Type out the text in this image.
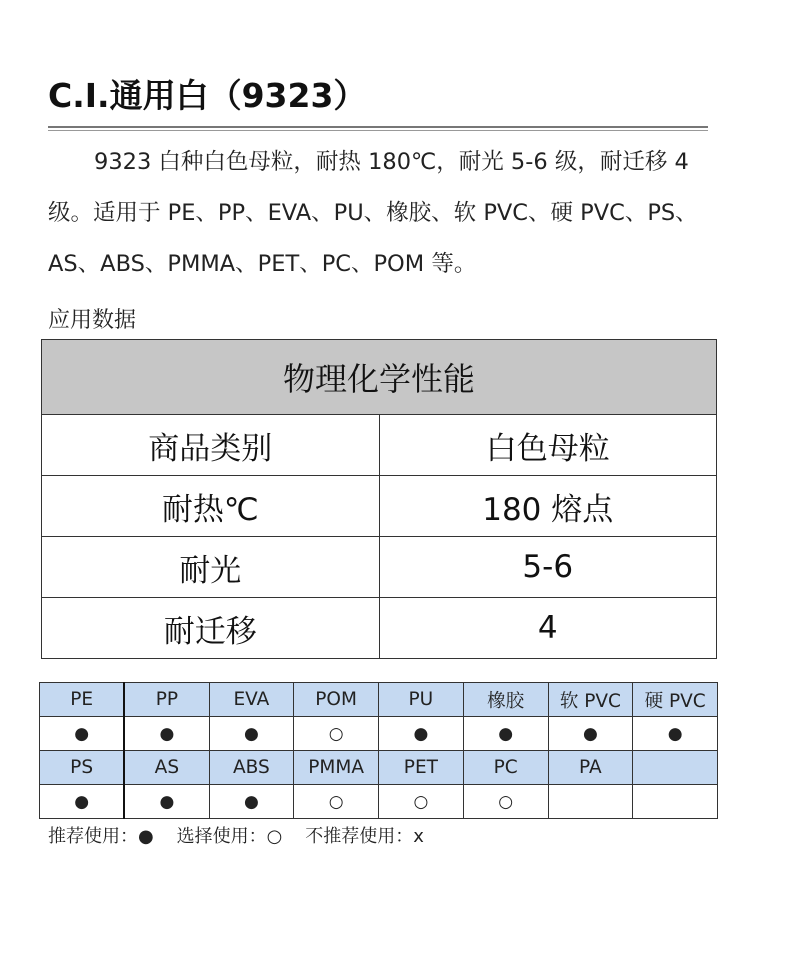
C.I.通用白（9323）

9323 白种白色母粒，耐热 180℃，耐光 5-6 级，耐迁移 4 级。适用于 PE、PP、EVA、PU、橡胶、软 PVC、硬 PVC、PS、AS、ABS、PMMA、PET、PC、POM 等。

应用数据
物理化学性能	
商品类别	白色母粒
耐热℃	180 熔点
耐光	5-6
耐迁移	4
PE	PP	EVA	POM	PU	橡胶	软 PVC	硬 PVC
●	●	●	○	●	●	●	●
PS	AS	ABS	PMMA	PET	PC	PA	
●	●	●	○	○	○		
推荐使用：● 选择使用：○ 不推荐使用：x
